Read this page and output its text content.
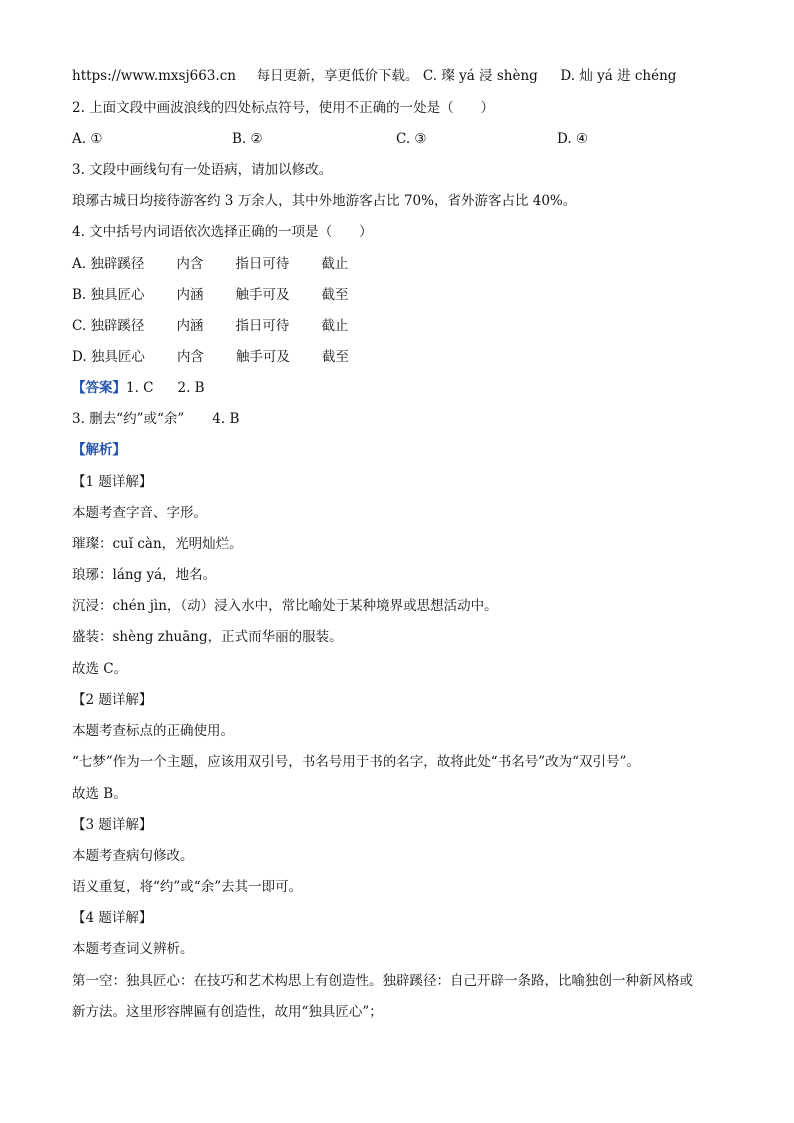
https://www.mxsj663.cn 每日更新，享更低价下载。 C. 璨 yá 浸 shèng D. 灿 yá 进 chéng
2. 上面文段中画波浪线的四处标点符号，使用不正确的一处是（　　）
A. ①	B. ②	C. ③	D. ④
3. 文段中画线句有一处语病，请加以修改。
琅琊古城日均接待游客约 3 万余人，其中外地游客占比 70%，省外游客占比 40%。
4. 文中括号内词语依次选择正确的一项是（　　）
A. 独辟蹊径 内含 指日可待 截止
B. 独具匠心 内涵 触手可及 截至
C. 独辟蹊径 内涵 指日可待 截止
D. 独具匠心 内含 触手可及 截至
【答案】1. C 2. B
3. 删去“约”或“余” 4. B
【解析】
【1 题详解】
本题考查字音、字形。
璀璨：cuǐ càn，光明灿烂。
琅琊：láng yá，地名。
沉浸：chén jìn，（动）浸入水中，常比喻处于某种境界或思想活动中。
盛装：shèng zhuāng，正式而华丽的服装。
故选 C。
【2 题详解】
本题考查标点的正确使用。
“七梦”作为一个主题，应该用双引号，书名号用于书的名字，故将此处“书名号”改为“双引号”。
故选 B。
【3 题详解】
本题考查病句修改。
语义重复，将“约”或“余”去其一即可。
【4 题详解】
本题考查词义辨析。
第一空：独具匠心：在技巧和艺术构思上有创造性。独辟蹊径：自己开辟一条路，比喻独创一种新风格或
新方法。这里形容牌匾有创造性，故用“独具匠心”；
